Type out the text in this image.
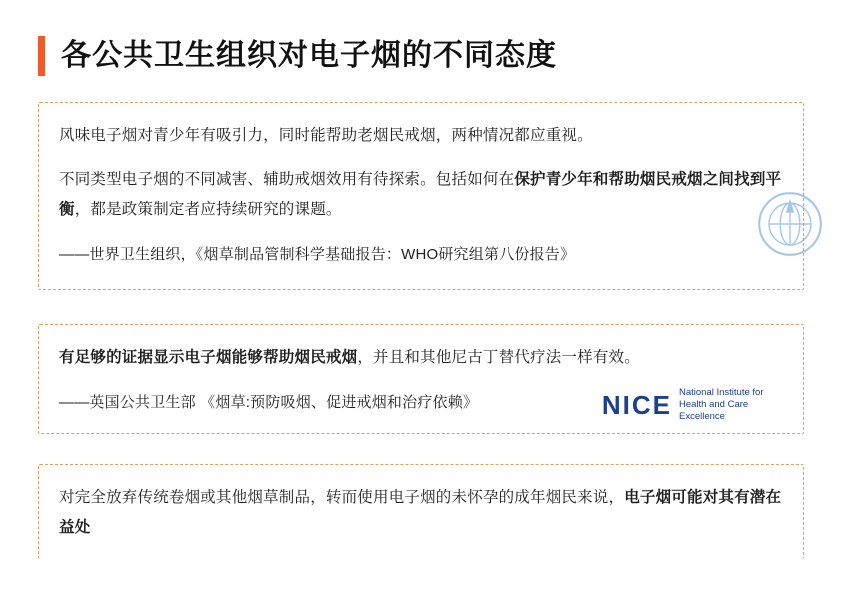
各公共卫生组织对电子烟的不同态度
风味电子烟对青少年有吸引力，同时能帮助老烟民戒烟，两种情况都应重视。
不同类型电子烟的不同减害、辅助戒烟效用有待探索。包括如何在保护青少年和帮助烟民戒烟之间找到平衡，都是政策制定者应持续研究的课题。
——世界卫生组织，《烟草制品管制科学基础报告：WHO研究组第八份报告》
有足够的证据显示电子烟能够帮助烟民戒烟，并且和其他尼古丁替代疗法一样有效。
——英国公共卫生部 《烟草:预防吸烟、促进戒烟和治疗依赖》	NICE National Institute for Health and Care Excellence
对完全放弃传统卷烟或其他烟草制品，转而使用电子烟的未怀孕的成年烟民来说，电子烟可能对其有潜在益处
